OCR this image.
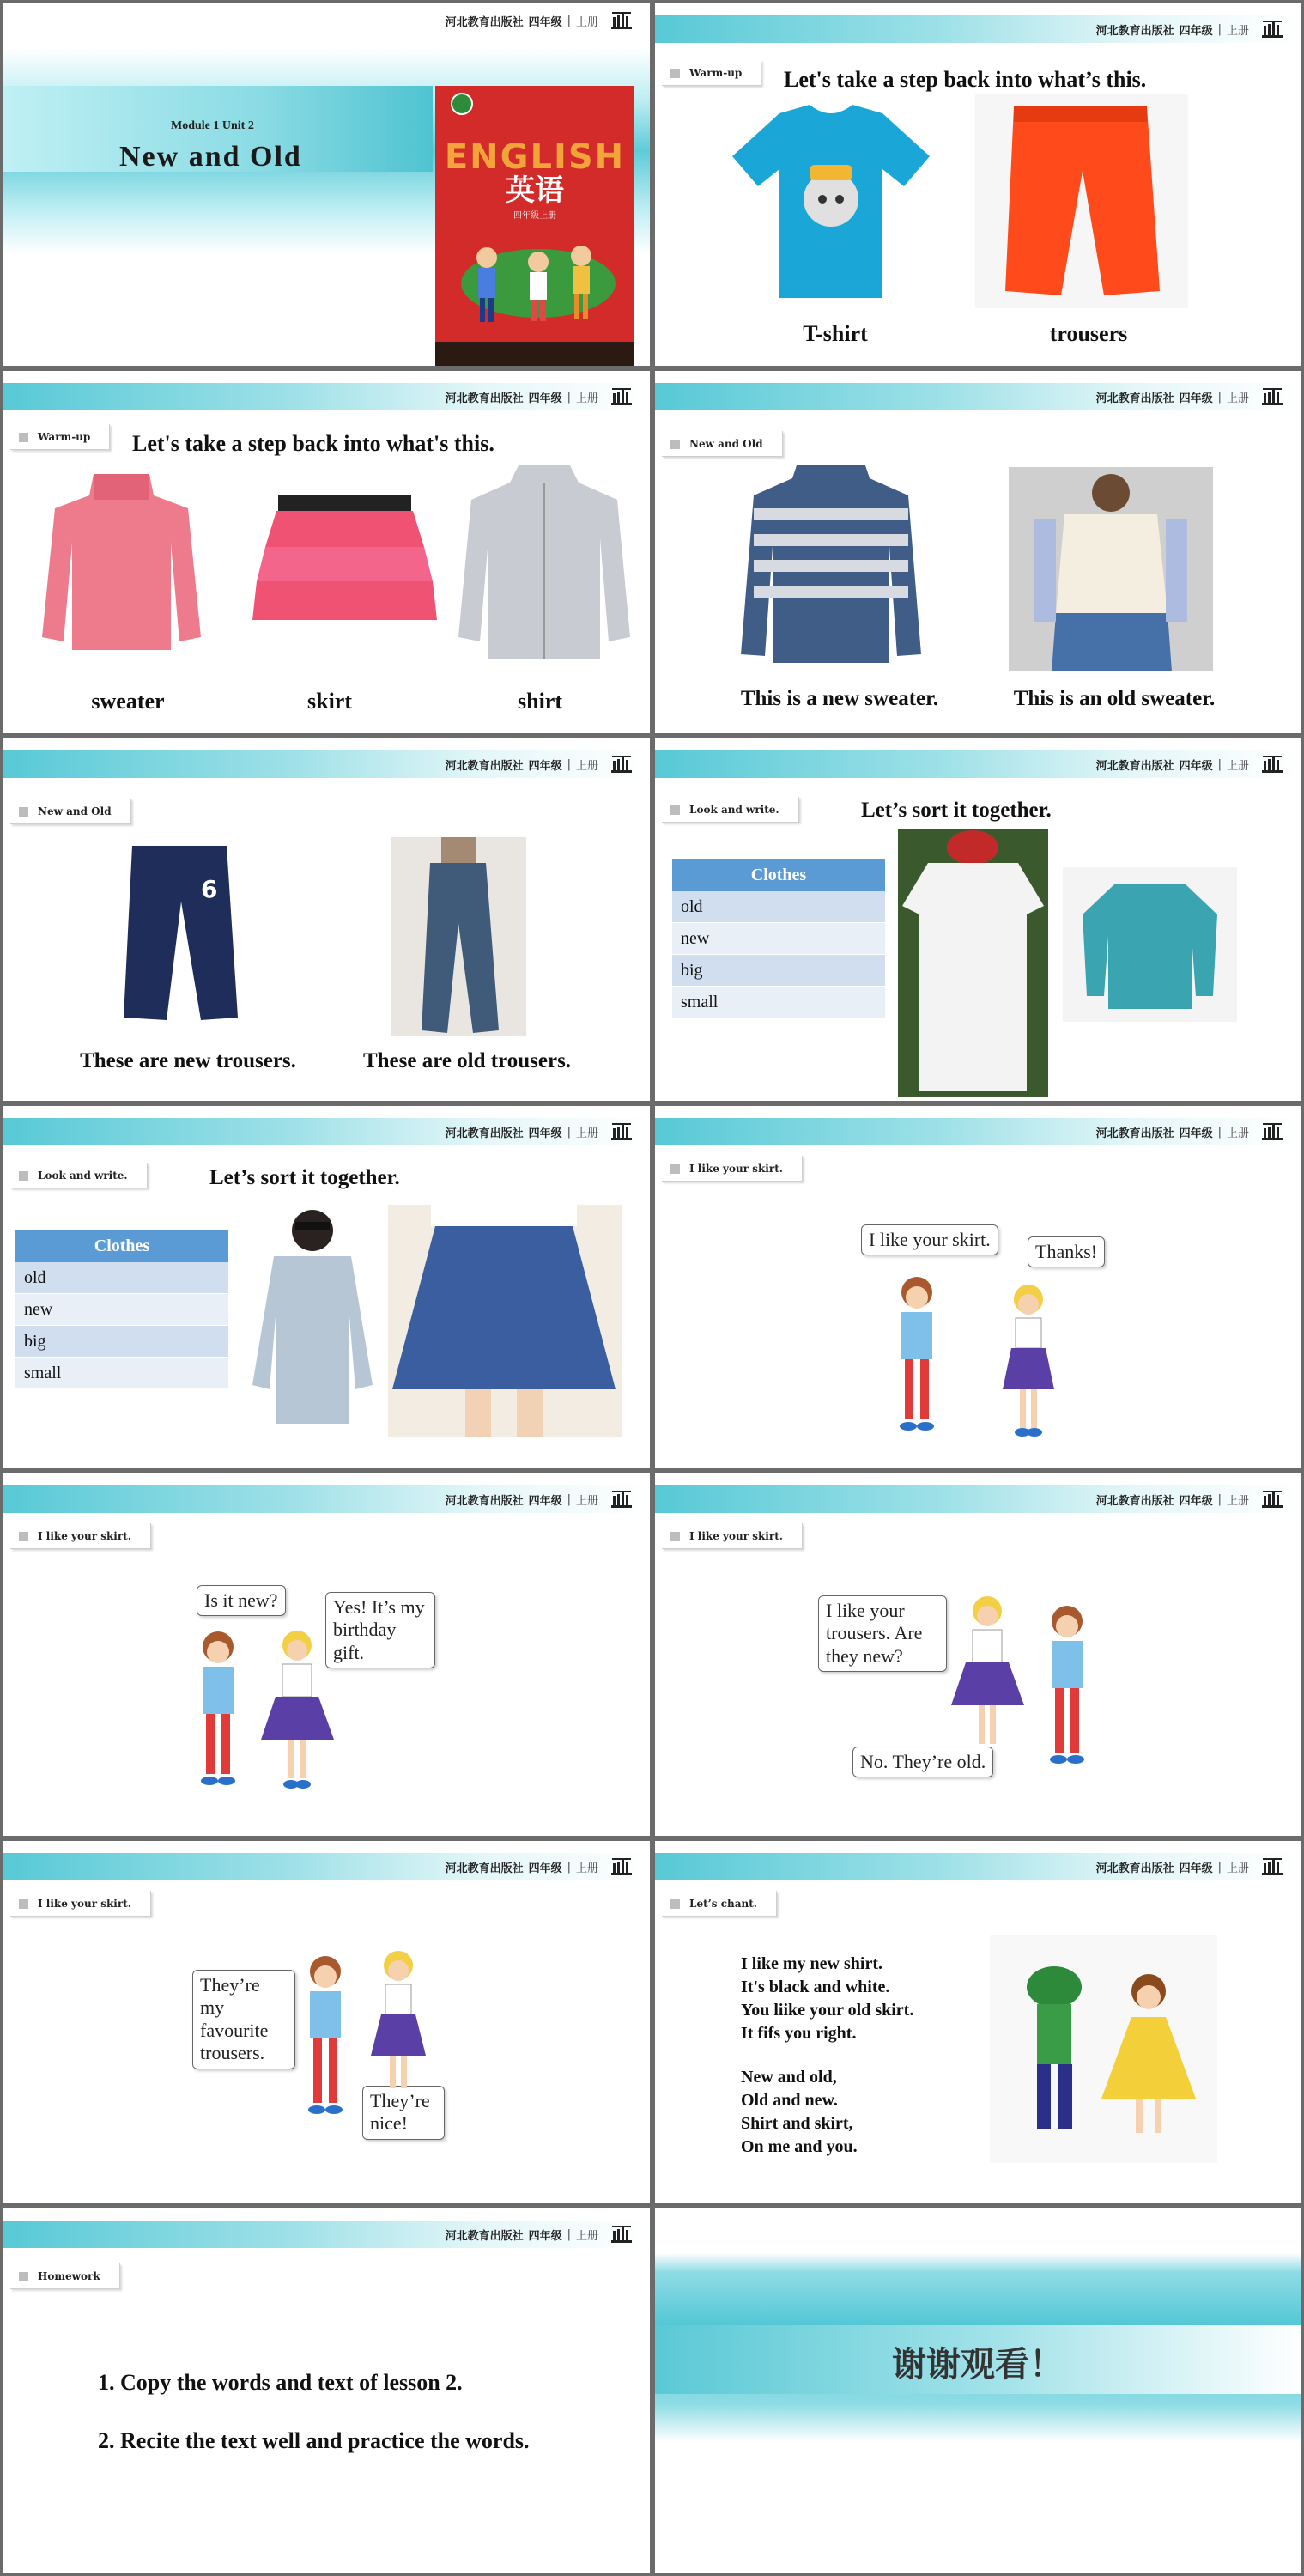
河北教育出版社 四年级 | 上册
Module 1 Unit 2
New and Old	ENGLISH
英语
四年级上册
河北教育出版社 四年级 | 上册
Warm-up	Let's take a step back into what’s this.
T-shirt	trousers
河北教育出版社 四年级 | 上册
Warm-up	Let's take a step back into what's this.
sweater	skirt	shirt
河北教育出版社 四年级 | 上册
New and Old
This is a new sweater.	This is an old sweater.
河北教育出版社 四年级 | 上册
New and Old
6
These are new trousers.	These are old trousers.
河北教育出版社 四年级 | 上册
Look and write.	Let’s sort it together.
Clothes
old
new
big
small
河北教育出版社 四年级 | 上册
Look and write.	Let’s sort it together.
Clothes
old
new
big
small
河北教育出版社 四年级 | 上册
I like your skirt.
I like your skirt.
Thanks!
河北教育出版社 四年级 | 上册
I like your skirt.
Is it new?	Yes! It’s my birthday gift.
河北教育出版社 四年级 | 上册
I like your skirt.
I like your trousers. Are they new?
No. They’re old.
河北教育出版社 四年级 | 上册
I like your skirt.
They’re my favourite trousers.
They’re nice!
河北教育出版社 四年级 | 上册
Let’s chant.
I like my new shirt.
It's black and white.
You liike your old skirt.
It fifs you right.
New and old,
Old and new.
Shirt and skirt,
On me and you.
河北教育出版社 四年级 | 上册
Homework
1. Copy the words and text of lesson 2.
2. Recite the text well and practice the words.
谢谢观看！
